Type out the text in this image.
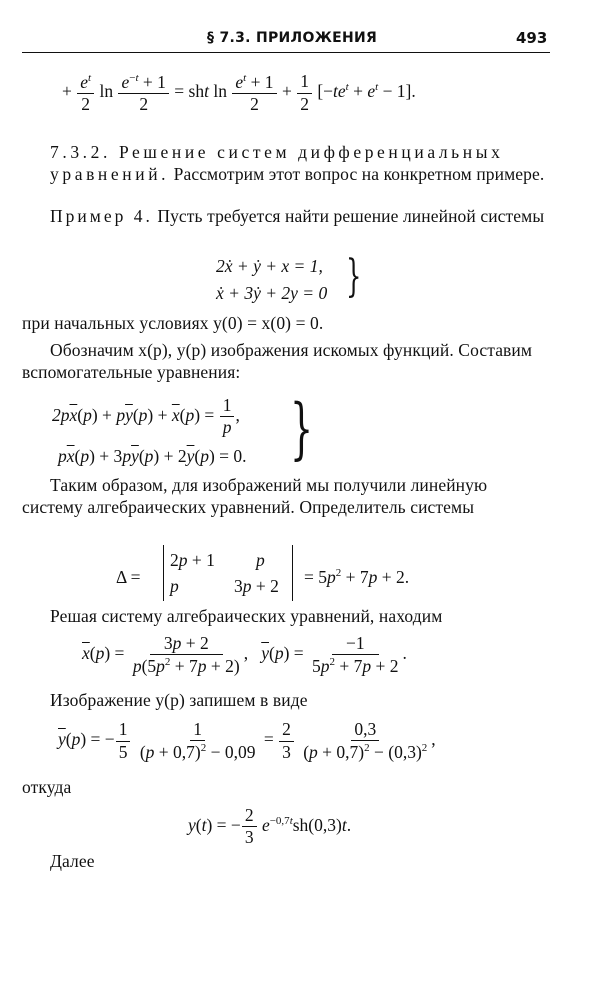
§ 7.3. ПРИЛОЖЕНИЯ	493
+ $\frac{e^t}{2}$ $\ln \frac{e^{-t} + 1}{2}$ = sht $\ln \frac{e^t + 1}{2} + \frac{1}{2} [-te^t + e^t - 1]$.
7.3.2. Решение систем дифференциальных уравнений. Рассмотрим этот вопрос на конкретном примере.
Пример 4. Пусть требуется найти решение линейной системы
2ẋ + ẏ + x = 1,
ẋ + 3ẏ + 2y = 0 }
при начальных условиях y(0) = x(0) = 0.
Обозначим x(p), y(p) изображения искомых функций. Составим вспомогательные уравнения:
$2p\overline{x}(p) + p\overline{y}(p) + \overline{x}(p) = \frac{1}{p}$ ,
$p\overline{x}(p) + 3p\overline{y}(p) + 2\overline{y}(p) = 0$. }
Таким образом, для изображений мы получили линейную систему алгебраических уравнений. Определитель системы
Δ =
2p + 1 p
p	$3p + 2 = 5p^2 + 7p + 2$.
Решая систему алгебраических уравнений, находим
$\overline{x}(p) = \frac{3p + 2}{p(5p^2 + 7p + 2)}$ ,   $\overline{y}(p) = \frac{-1}{5p^2 + 7p + 2}$ .
Изображение y(p) запишем в виде
$\overline{y}(p)$ = − $\frac{1}{5}$
$\frac{1}{(p + 0,7)^2 - 0,09} = \frac{2}{3}$
$\frac{0,3}{(p + 0,7)^2 - (0,3)^2}$ ,
откуда
y(t) = − $\frac{2}{3} e^{-0,7t}sh(0,3)t$.
Далее
